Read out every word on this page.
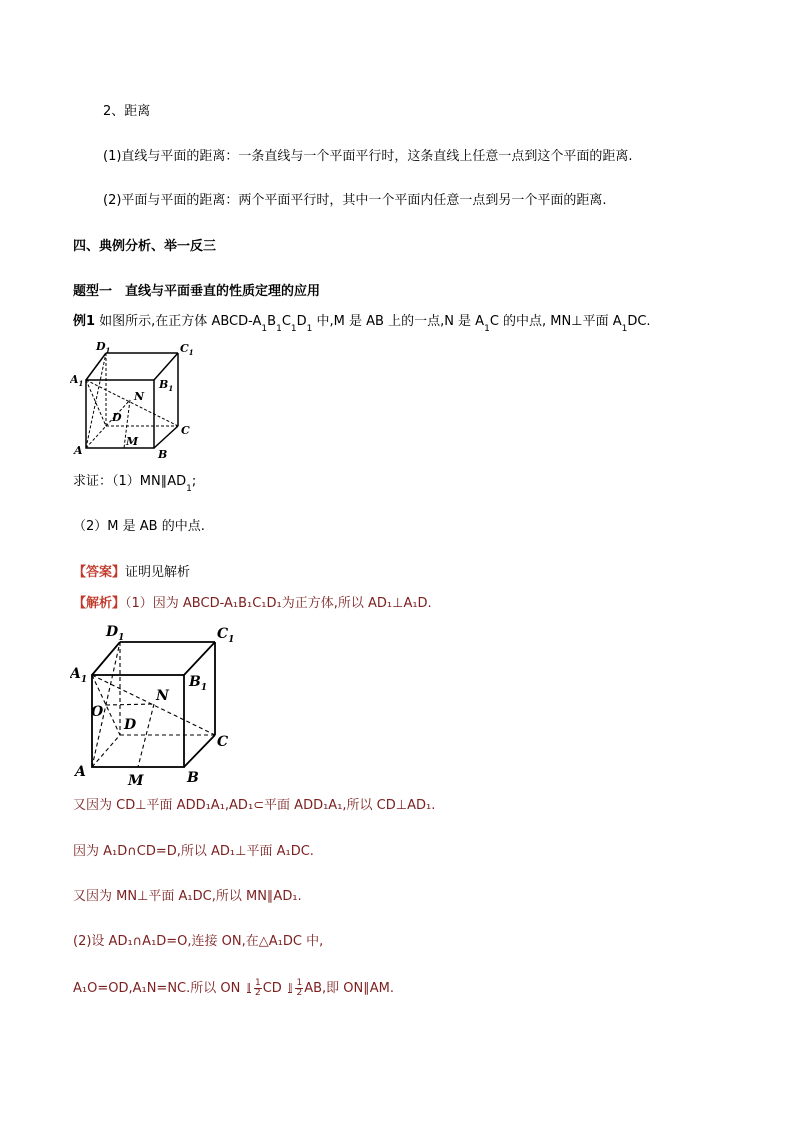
2、距离
(1)直线与平面的距离：一条直线与一个平面平行时，这条直线上任意一点到这个平面的距离.
(2)平面与平面的距离：两个平面平行时，其中一个平面内任意一点到另一个平面的距离.
四、典例分析、举一反三
题型一　直线与平面垂直的性质定理的应用
例1 如图所示,在正方体 ABCD-$A_1B_1C_1D_1$ 中,M 是 AB 上的一点,N 是 $A_1C$ 的中点, MN⊥平面 $A_1DC$.
$D_1$	$C_1$
$A_1$	$B_1$
N
D
C
A
M
B
求证：$(1)MN\parallel AD_1$;
（2）M 是 AB 的中点.
【答案】证明见解析
【解析】（1）因为 ABCD-A₁B₁C₁D₁为正方体,所以 AD₁⊥A₁D.
$D_1$	$C_1$
$A_1$	$B_1$
N
O
D
C
A
M	B
又因为 CD⊥平面 ADD₁A₁,AD₁⊂平面 ADD₁A₁,所以 CD⊥AD₁.
因为 A₁D∩CD=D,所以 AD₁⊥平面 A₁DC.
又因为 MN⊥平面 A₁DC,所以 MN∥AD₁.
(2)设 AD₁∩A₁D=O,连接 ON,在△A₁DC 中,
A₁O=OD,A₁N=NC.所以 ON ∥ $\frac{1}{2}$ CD ∥ $\frac{1}{2}$ AB,即 ON∥AM.
